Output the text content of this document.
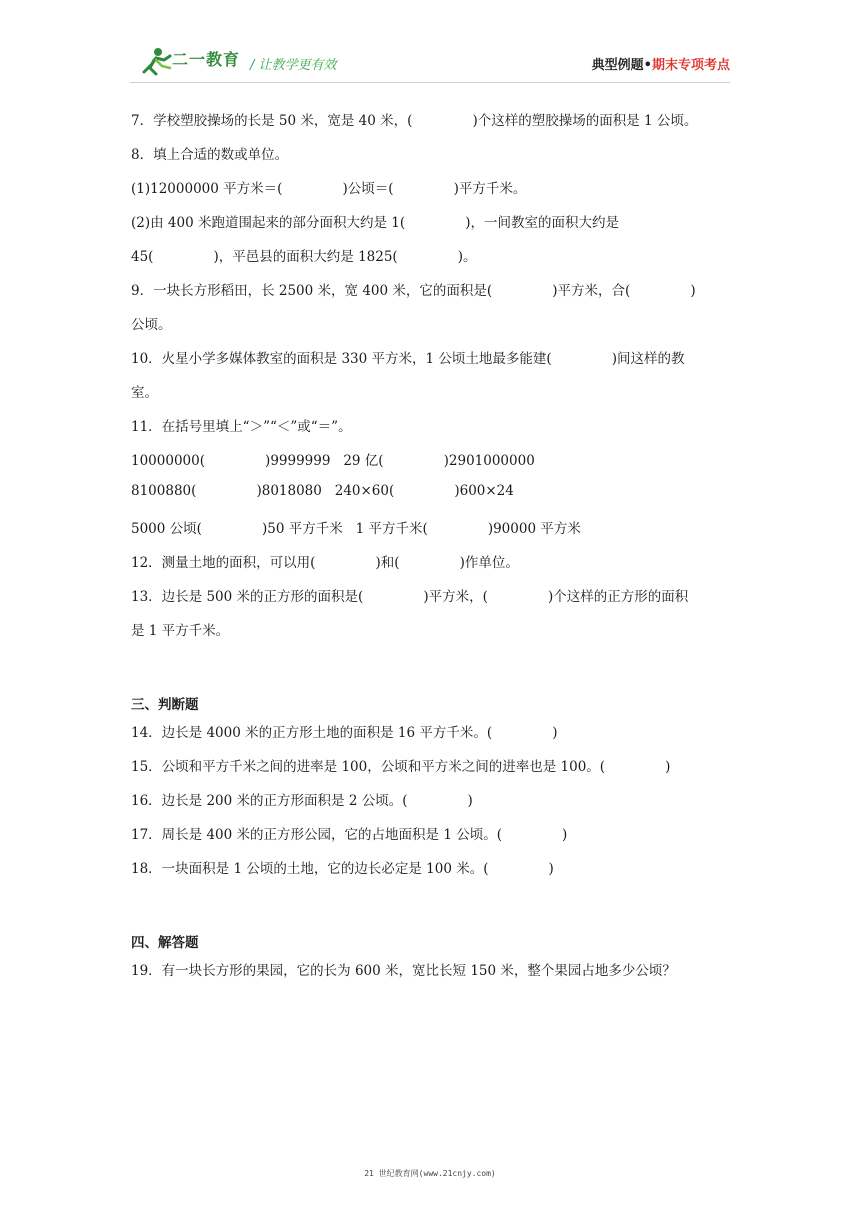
二一教育 / 让教学更有效	典型例题•期末专项考点
7．学校塑胶操场的长是 50 米，宽是 40 米，(              )个这样的塑胶操场的面积是 1 公顷。
8．填上合适的数或单位。
(1)12000000 平方米＝(              )公顷＝(              )平方千米。
(2)由 400 米跑道围起来的部分面积大约是 1(              )，一间教室的面积大约是
45(              )，平邑县的面积大约是 1825(              )。
9．一块长方形稻田，长 2500 米，宽 400 米，它的面积是(              )平方米，合(              )
公顷。
10．火星小学多媒体教室的面积是 330 平方米，1 公顷土地最多能建(              )间这样的教
室。
11．在括号里填上“＞”“＜”或“＝”。
10000000(              )9999999   29 亿(              )2901000000
8100880(              )8018080   240×60(              )600×24
5000 公顷(              )50 平方千米   1 平方千米(              )90000 平方米
12．测量土地的面积，可以用(              )和(              )作单位。
13．边长是 500 米的正方形的面积是(              )平方米，(              )个这样的正方形的面积
是 1 平方千米。
三、判断题
14．边长是 4000 米的正方形土地的面积是 16 平方千米。(              )
15．公顷和平方千米之间的进率是 100，公顷和平方米之间的进率也是 100。(              )
16．边长是 200 米的正方形面积是 2 公顷。(              )
17．周长是 400 米的正方形公园，它的占地面积是 1 公顷。(              )
18．一块面积是 1 公顷的土地，它的边长必定是 100 米。(              )
四、解答题
19．有一块长方形的果园，它的长为 600 米，宽比长短 150 米，整个果园占地多少公顷？
21 世纪教育网(www.21cnjy.com)
